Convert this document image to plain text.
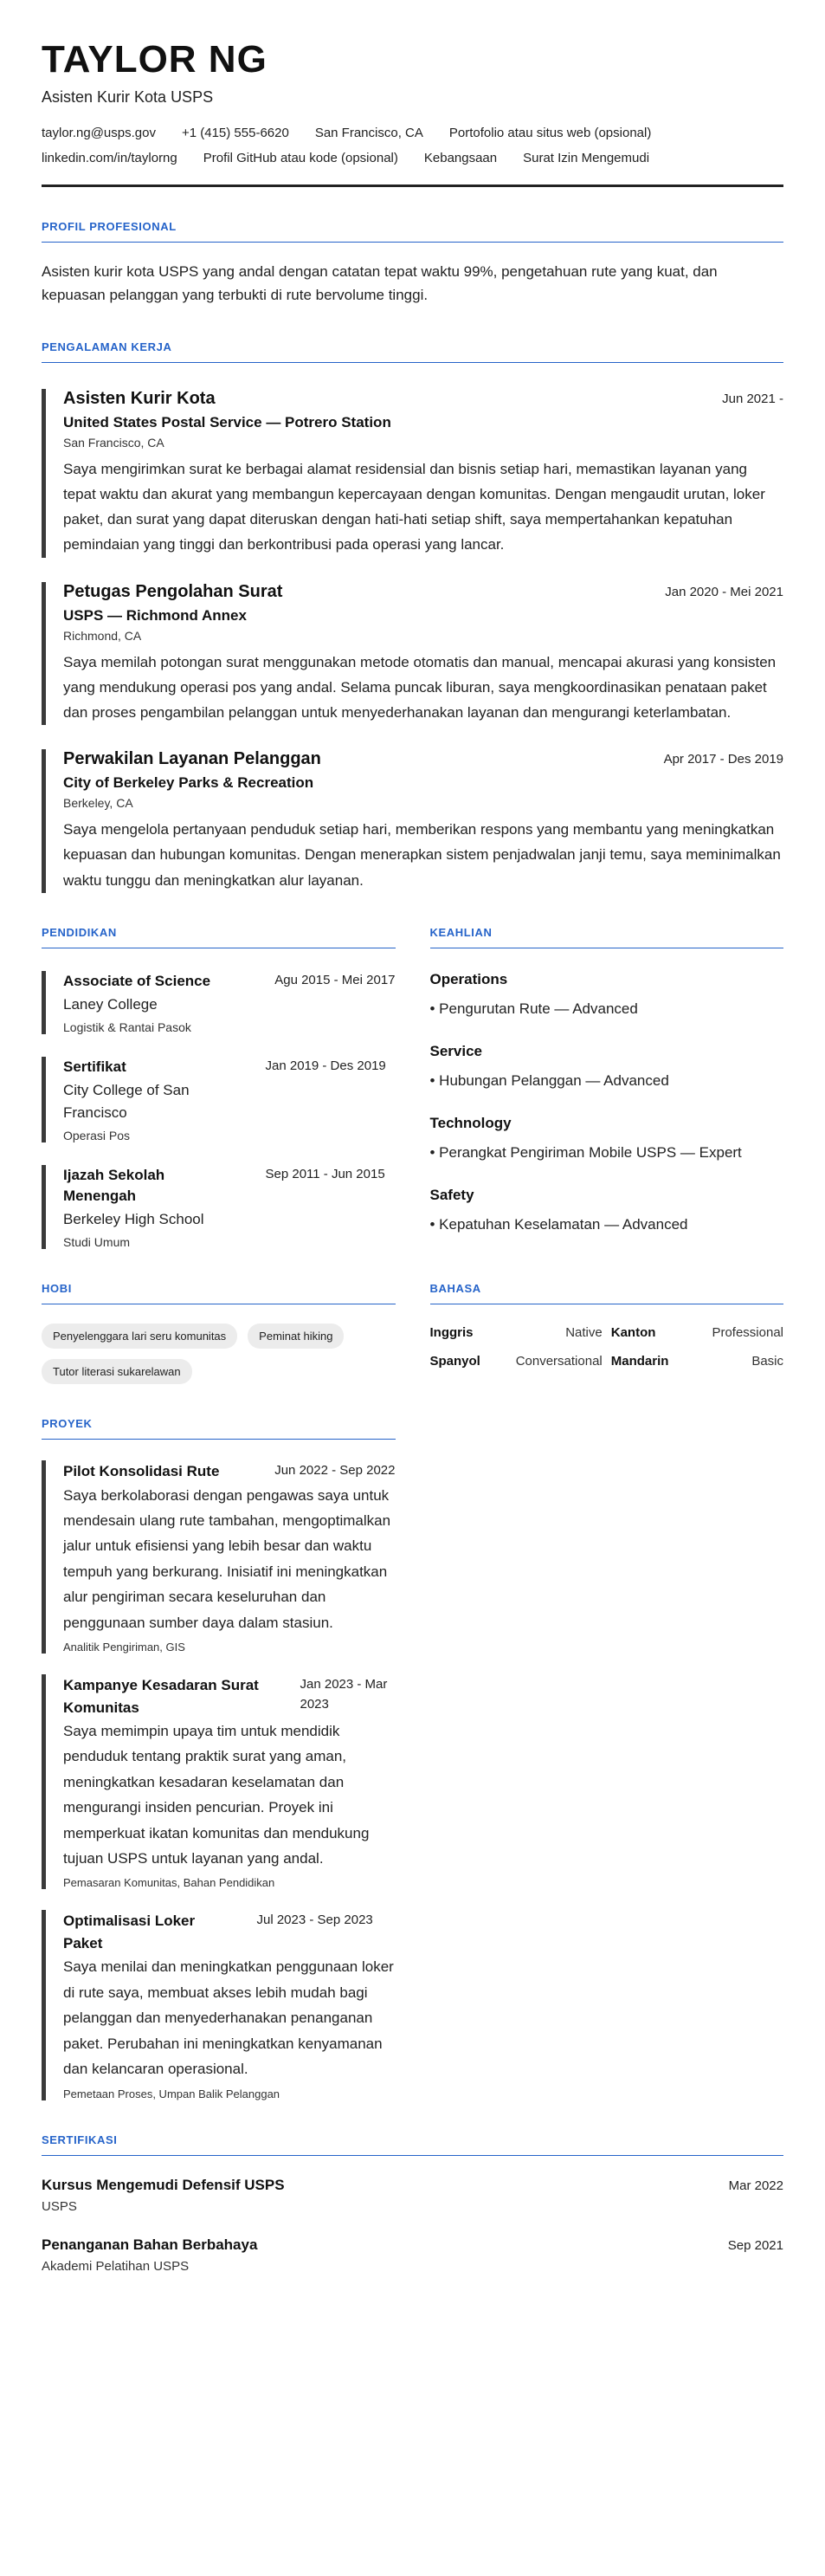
TAYLOR NG
Asisten Kurir Kota USPS
taylor.ng@usps.gov +1 (415) 555-6620 San Francisco, CA Portofolio atau situs web (opsional)
linkedin.com/in/taylorng Profil GitHub atau kode (opsional) Kebangsaan Surat Izin Mengemudi
PROFIL PROFESIONAL

Asisten kurir kota USPS yang andal dengan catatan tepat waktu 99%, pengetahuan rute yang kuat, dan kepuasan pelanggan yang terbukti di rute bervolume tinggi.

PENGALAMAN KERJA
Asisten Kurir Kota	Jun 2021 -
United States Postal Service — Potrero Station
San Francisco, CA

Saya mengirimkan surat ke berbagai alamat residensial dan bisnis setiap hari, memastikan layanan yang tepat waktu dan akurat yang membangun kepercayaan dengan komunitas. Dengan mengaudit urutan, loker paket, dan surat yang dapat diteruskan dengan hati-hati setiap shift, saya mempertahankan kepatuhan pemindaian yang tinggi dan berkontribusi pada operasi yang lancar.

Petugas Pengolahan Surat	Jan 2020 - Mei 2021
USPS — Richmond Annex
Richmond, CA

Saya memilah potongan surat menggunakan metode otomatis dan manual, mencapai akurasi yang konsisten yang mendukung operasi pos yang andal. Selama puncak liburan, saya mengkoordinasikan penataan paket dan proses pengambilan pelanggan untuk menyederhanakan layanan dan mengurangi keterlambatan.

Perwakilan Layanan Pelanggan	Apr 2017 - Des 2019
City of Berkeley Parks & Recreation
Berkeley, CA

Saya mengelola pertanyaan penduduk setiap hari, memberikan respons yang membantu yang meningkatkan kepuasan dan hubungan komunitas. Dengan menerapkan sistem penjadwalan janji temu, saya meminimalkan waktu tunggu dan meningkatkan alur layanan.

PENDIDIKAN
Associate of Science	Agu 2015 - Mei 2017
Laney College
Logistik & Rantai Pasok
Sertifikat	Jan 2019 - Des 2019
City College of San Francisco
Operasi Pos
Ijazah Sekolah Menengah
Sep 2011 - Jun 2015
Berkeley High School
Studi Umum
KEAHLIAN
Operations
• Pengurutan Rute — Advanced
Service
• Hubungan Pelanggan — Advanced
Technology
• Perangkat Pengiriman Mobile USPS — Expert
Safety
• Kepatuhan Keselamatan — Advanced
HOBI
Penyelenggara lari seru komunitas	Peminat hiking
Tutor literasi sukarelawan
BAHASA
Inggris	Native Kanton	Professional
Spanyol	Conversational Mandarin	Basic
PROYEK
Pilot Konsolidasi Rute	Jun 2022 - Sep 2022

Saya berkolaborasi dengan pengawas saya untuk mendesain ulang rute tambahan, mengoptimalkan jalur untuk efisiensi yang lebih besar dan waktu tempuh yang berkurang. Inisiatif ini meningkatkan alur pengiriman secara keseluruhan dan penggunaan sumber daya dalam stasiun.

Analitik Pengiriman, GIS
Kampanye Kesadaran Surat Komunitas
Jan 2023 - Mar 2023

Saya memimpin upaya tim untuk mendidik penduduk tentang praktik surat yang aman, meningkatkan kesadaran keselamatan dan mengurangi insiden pencurian. Proyek ini memperkuat ikatan komunitas dan mendukung tujuan USPS untuk layanan yang andal.

Pemasaran Komunitas, Bahan Pendidikan
Optimalisasi Loker Paket
Jul 2023 - Sep 2023

Saya menilai dan meningkatkan penggunaan loker di rute saya, membuat akses lebih mudah bagi pelanggan dan menyederhanakan penanganan paket. Perubahan ini meningkatkan kenyamanan dan kelancaran operasional.

Pemetaan Proses, Umpan Balik Pelanggan
SERTIFIKASI
Kursus Mengemudi Defensif USPS
USPS
Mar 2022
Penanganan Bahan Berbahaya
Akademi Pelatihan USPS
Sep 2021
